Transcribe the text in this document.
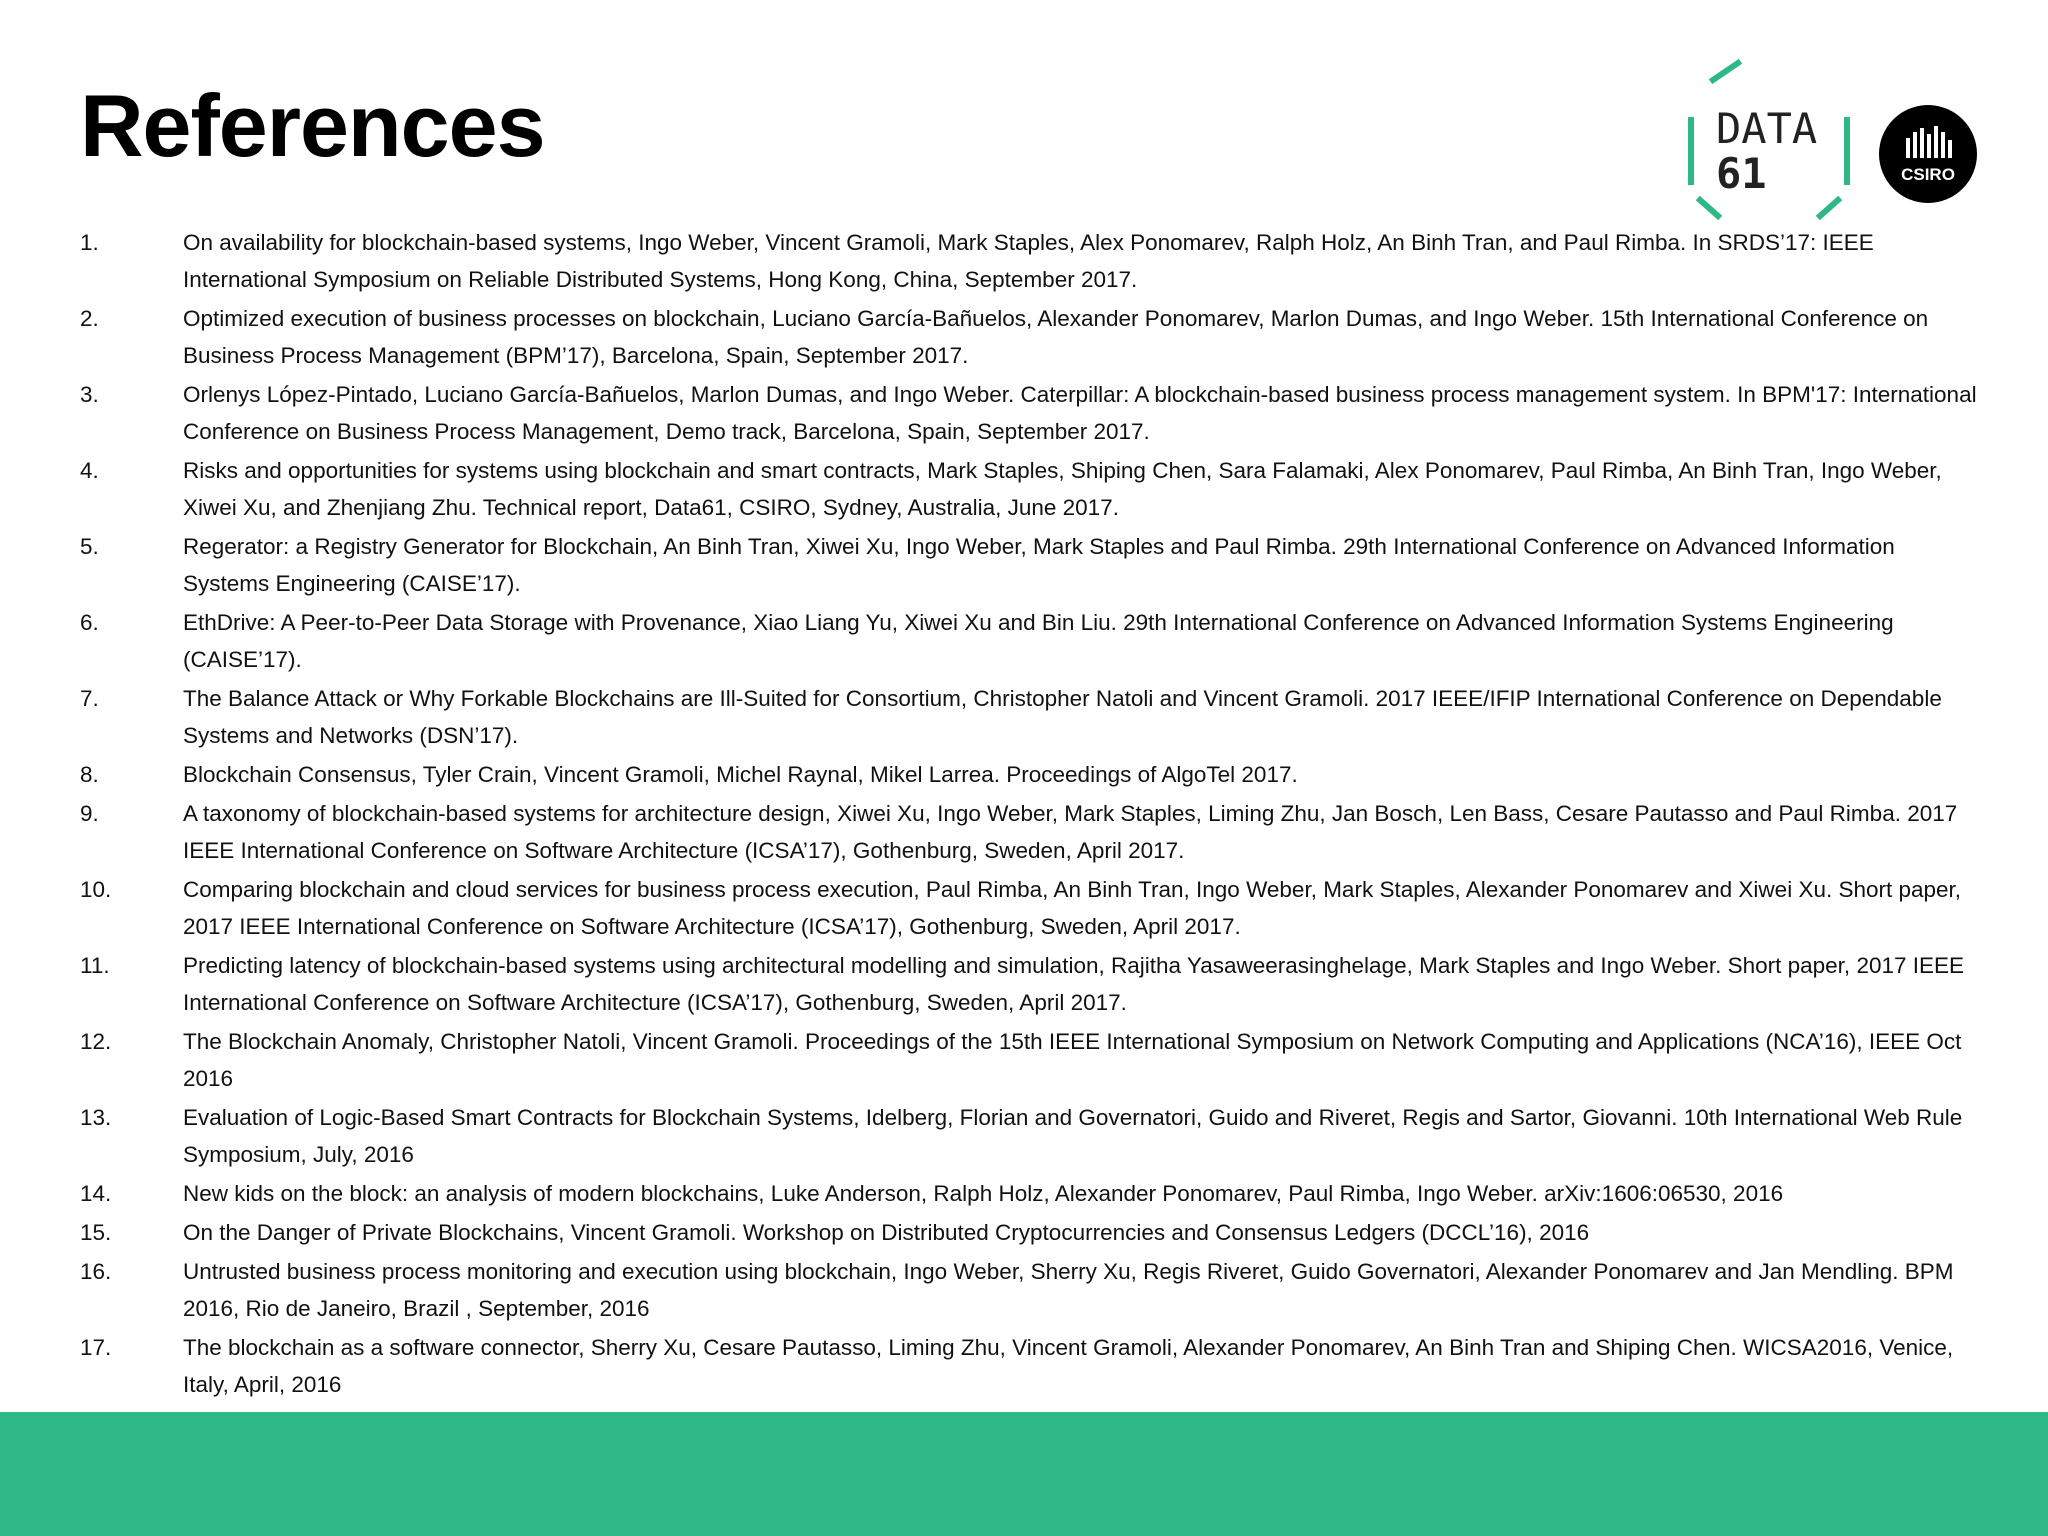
References	DATA
61	CSIRO
1.	On availability for blockchain-based systems, Ingo Weber, Vincent Gramoli, Mark Staples, Alex Ponomarev, Ralph Holz, An Binh Tran, and Paul Rimba. In SRDS’17: IEEE International Symposium on Reliable Distributed Systems, Hong Kong, China, September 2017.
2.	Optimized execution of business processes on blockchain, Luciano García-Bañuelos, Alexander Ponomarev, Marlon Dumas, and Ingo Weber. 15th International Conference on Business Process Management (BPM’17), Barcelona, Spain, September 2017.
3.	Orlenys López-Pintado, Luciano García-Bañuelos, Marlon Dumas, and Ingo Weber. Caterpillar: A blockchain-based business process management system. In BPM'17: International Conference on Business Process Management, Demo track, Barcelona, Spain, September 2017.
4.	Risks and opportunities for systems using blockchain and smart contracts, Mark Staples, Shiping Chen, Sara Falamaki, Alex Ponomarev, Paul Rimba, An Binh Tran, Ingo Weber, Xiwei Xu, and Zhenjiang Zhu. Technical report, Data61, CSIRO, Sydney, Australia, June 2017.
5.	Regerator: a Registry Generator for Blockchain, An Binh Tran, Xiwei Xu, Ingo Weber, Mark Staples and Paul Rimba. 29th International Conference on Advanced Information Systems Engineering (CAISE’17).
6.	EthDrive: A Peer-to-Peer Data Storage with Provenance, Xiao Liang Yu, Xiwei Xu and Bin Liu. 29th International Conference on Advanced Information Systems Engineering (CAISE’17).
7.	The Balance Attack or Why Forkable Blockchains are Ill-Suited for Consortium, Christopher Natoli and Vincent Gramoli. 2017 IEEE/IFIP International Conference on Dependable Systems and Networks (DSN’17).
8.	Blockchain Consensus, Tyler Crain, Vincent Gramoli, Michel Raynal, Mikel Larrea. Proceedings of AlgoTel 2017.
9.	A taxonomy of blockchain-based systems for architecture design, Xiwei Xu, Ingo Weber, Mark Staples, Liming Zhu, Jan Bosch, Len Bass, Cesare Pautasso and Paul Rimba. 2017 IEEE International Conference on Software Architecture (ICSA’17), Gothenburg, Sweden, April 2017.
10.	Comparing blockchain and cloud services for business process execution, Paul Rimba, An Binh Tran, Ingo Weber, Mark Staples, Alexander Ponomarev and Xiwei Xu. Short paper, 2017 IEEE International Conference on Software Architecture (ICSA’17), Gothenburg, Sweden, April 2017.
11.	Predicting latency of blockchain-based systems using architectural modelling and simulation, Rajitha Yasaweerasinghelage, Mark Staples and Ingo Weber. Short paper, 2017 IEEE International Conference on Software Architecture (ICSA’17), Gothenburg, Sweden, April 2017.
12.	The Blockchain Anomaly, Christopher Natoli, Vincent Gramoli. Proceedings of the 15th IEEE International Symposium on Network Computing and Applications (NCA’16), IEEE Oct 2016
13.	Evaluation of Logic-Based Smart Contracts for Blockchain Systems, Idelberg, Florian and Governatori, Guido and Riveret, Regis and Sartor, Giovanni. 10th International Web Rule Symposium, July, 2016
14.	New kids on the block: an analysis of modern blockchains, Luke Anderson, Ralph Holz, Alexander Ponomarev, Paul Rimba, Ingo Weber. arXiv:1606:06530, 2016
15.	On the Danger of Private Blockchains, Vincent Gramoli. Workshop on Distributed Cryptocurrencies and Consensus Ledgers (DCCL’16), 2016
16.	Untrusted business process monitoring and execution using blockchain, Ingo Weber, Sherry Xu, Regis Riveret, Guido Governatori, Alexander Ponomarev and Jan Mendling. BPM 2016, Rio de Janeiro, Brazil , September, 2016
17.	The blockchain as a software connector, Sherry Xu, Cesare Pautasso, Liming Zhu, Vincent Gramoli, Alexander Ponomarev, An Binh Tran and Shiping Chen. WICSA2016, Venice, Italy, April, 2016
